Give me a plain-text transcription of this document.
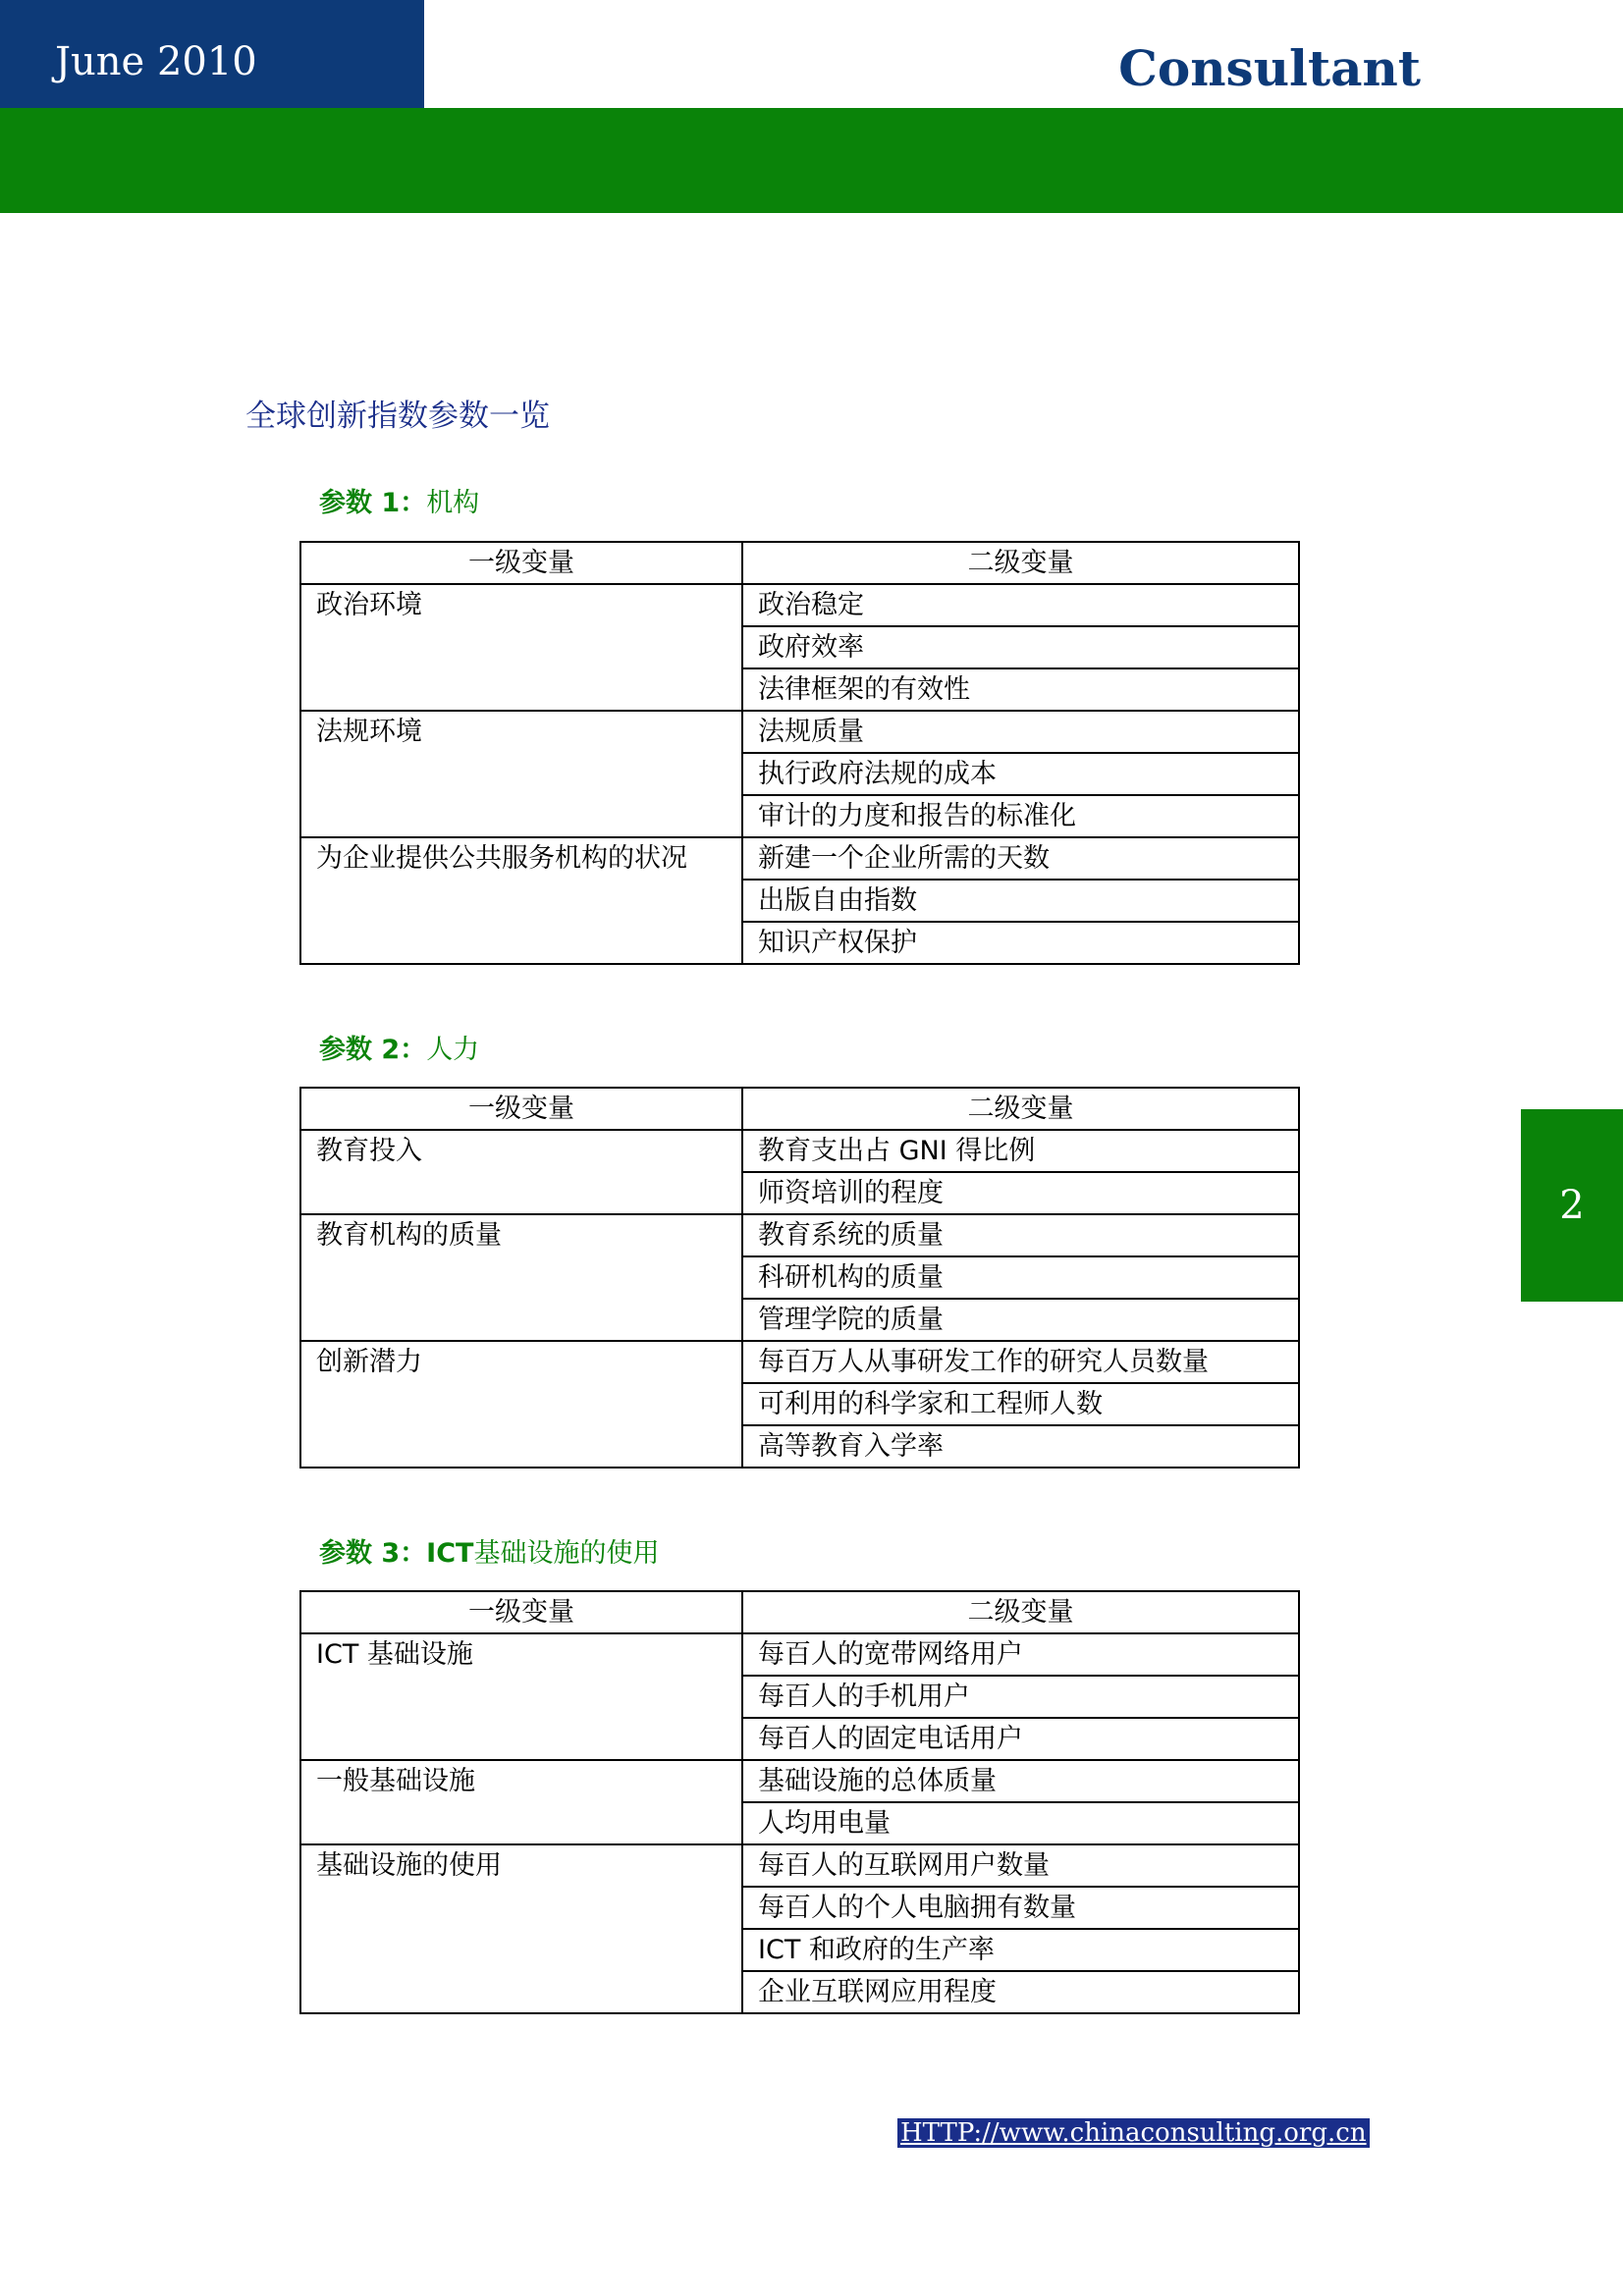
June 2010	Consultant
2
全球创新指数参数一览
参数 1：机构
一级变量	二级变量
政治环境	政治稳定
	政府效率
	法律框架的有效性
法规环境	法规质量
	执行政府法规的成本
	审计的力度和报告的标准化
为企业提供公共服务机构的状况	新建一个企业所需的天数
	出版自由指数
	知识产权保护
参数 2：人力
一级变量	二级变量
教育投入	教育支出占 GNI 得比例
	师资培训的程度
教育机构的质量	教育系统的质量
	科研机构的质量
	管理学院的质量
创新潜力	每百万人从事研发工作的研究人员数量
	可利用的科学家和工程师人数
	高等教育入学率
参数 3：ICT基础设施的使用
一级变量	二级变量
ICT 基础设施	每百人的宽带网络用户
	每百人的手机用户
	每百人的固定电话用户
一般基础设施	基础设施的总体质量
	人均用电量
基础设施的使用	每百人的互联网用户数量
	每百人的个人电脑拥有数量
	ICT 和政府的生产率
	企业互联网应用程度
HTTP://www.chinaconsulting.org.cn
